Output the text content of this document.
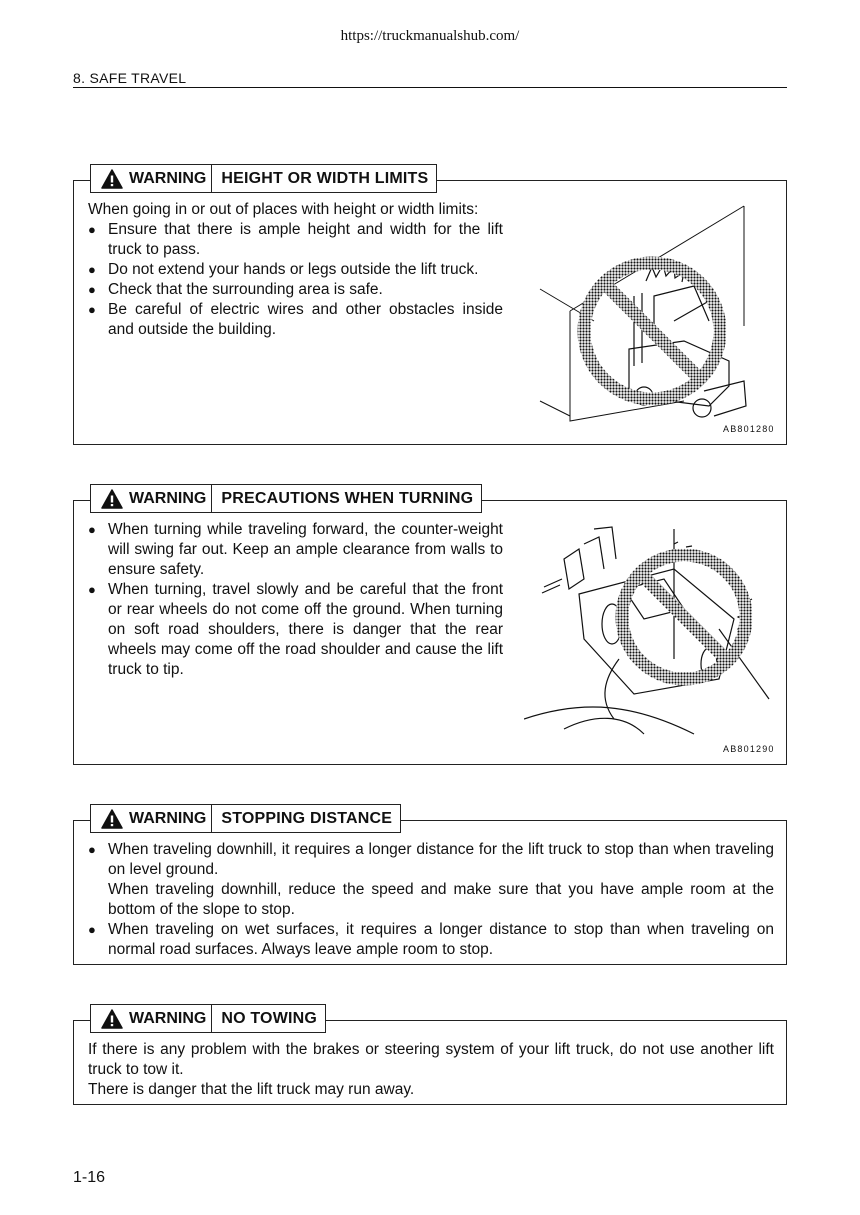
https://truckmanualshub.com/
8. SAFE TRAVEL
WARNING HEIGHT OR WIDTH LIMITS

When going in or out of places with height or width limits:

● Ensure that there is ample height and width for the lift truck to pass.
● Do not extend your hands or legs outside the lift truck.
● Check that the surrounding area is safe.
● Be careful of electric wires and other obstacles inside and outside the building.
AB801280
WARNING PRECAUTIONS WHEN TURNING
● When turning while traveling forward, the counter-weight will swing far out. Keep an ample clearance from walls to ensure safety.
● When turning, travel slowly and be careful that the front or rear wheels do not come off the ground. When turning on soft road shoulders, there is danger that the rear wheels may come off the road shoulder and cause the lift truck to tip.
AB801290
WARNING STOPPING DISTANCE
● When traveling downhill, it requires a longer distance for the lift truck to stop than when traveling on level ground.
When traveling downhill, reduce the speed and make sure that you have ample room at the bottom of the slope to stop.
● When traveling on wet surfaces, it requires a longer distance to stop than when traveling on normal road surfaces. Always leave ample room to stop.
WARNING NO TOWING

If there is any problem with the brakes or steering system of your lift truck, do not use another lift truck to tow it.

There is danger that the lift truck may run away.

1-16
